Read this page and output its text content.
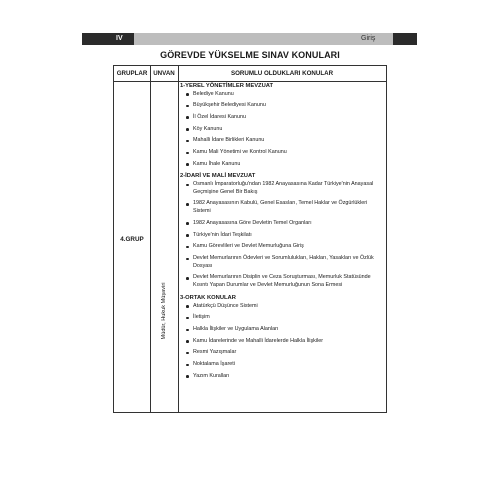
IV	Giriş
GÖREVDE YÜKSELME SINAV KONULARI
GRUPLAR UNVAN	SORUMLU OLDUKLARI KONULAR
4.GRUP
Müdür, Hukuk Müşaviri
1-YEREL YÖNETİMLER MEVZUAT
Belediye Kanunu
Büyükşehir Belediyesi Kanunu
İl Özel İdaresi Kanunu
Köy Kanunu
Mahalli İdare Birlikleri Kanunu
Kamu Mali Yönetimi ve Kontrol Kanunu
Kamu İhale Kanunu
2-İDARİ VE MALİ MEVZUAT
Osmanlı İmparatorluğu'ndan 1982 Anayasasına Kadar Türkiye'nin Anayasal Geçmişine Genel Bir Bakış
1982 Anayasasının Kabulü, Genel Esasları, Temel Haklar ve Özgürlükleri Sistemi
1982 Anayasasına Göre Devletin Temel Organları
Türkiye'nin İdari Teşkilatı
Kamu Görevlileri ve Devlet Memurluğuna Giriş
Devlet Memurlarının Ödevleri ve Sorumlulukları, Hakları, Yasakları ve Özlük Dosyası
Devlet Memurlarının Disiplin ve Ceza Soruşturması, Memurluk Statüsünde Kısıntı Yapan Durumlar ve Devlet Memurluğunun Sona Ermesi
3-ORTAK KONULAR
Atatürkçü Düşünce Sistemi
İletişim
Halkla İlişkiler ve Uygulama Alanları
Kamu İdarelerinde ve Mahalli İdarelerde Halkla İlişkiler
Resmi Yazışmalar
Noktalama İşareti
Yazım Kuralları
